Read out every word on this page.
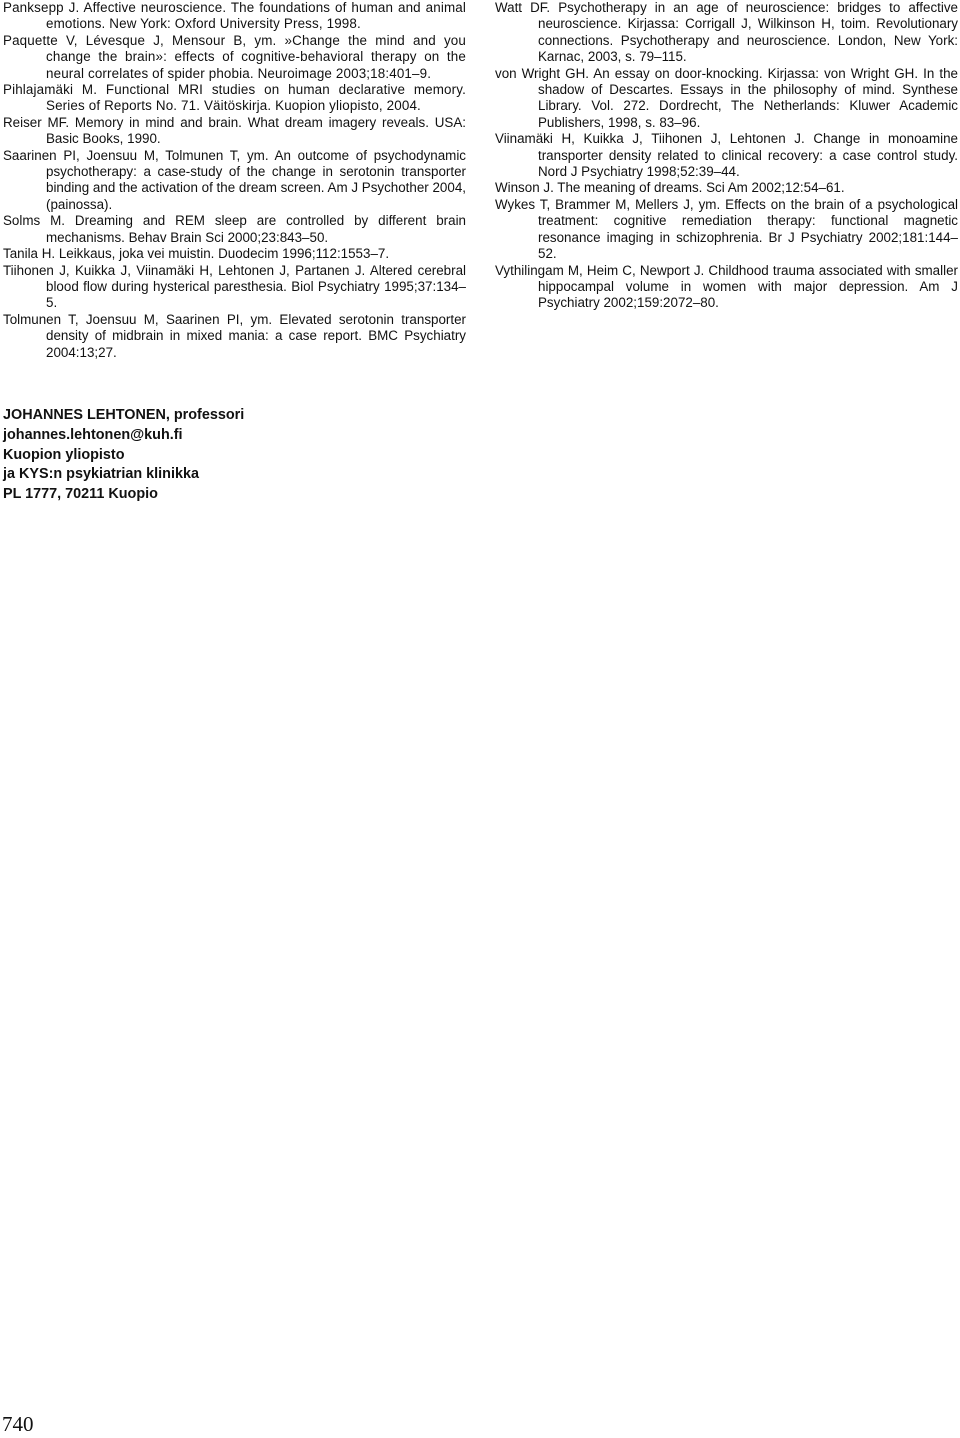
Panksepp J. Affective neuroscience. The foundations of human and animal emotions. New York: Oxford University Press, 1998.

Paquette V, Lévesque J, Mensour B, ym. »Change the mind and you change the brain»: effects of cognitive-behavioral therapy on the neural correlates of spider phobia. Neuroimage 2003;18:401–9.

Pihlajamäki M. Functional MRI studies on human declarative memory. Series of Reports No. 71. Väitöskirja. Kuopion yliopisto, 2004.

Reiser MF. Memory in mind and brain. What dream imagery reveals. USA: Basic Books, 1990.

Saarinen PI, Joensuu M, Tolmunen T, ym. An outcome of psychodynamic psychotherapy: a case-study of the change in serotonin transporter binding and the activation of the dream screen. Am J Psychother 2004, (painossa).

Solms M. Dreaming and REM sleep are controlled by different brain mechanisms. Behav Brain Sci 2000;23:843–50.

Tanila H. Leikkaus, joka vei muistin. Duodecim 1996;112:1553–7.

Tiihonen J, Kuikka J, Viinamäki H, Lehtonen J, Partanen J. Altered cerebral blood flow during hysterical paresthesia. Biol Psychiatry 1995;37:134–5.

Tolmunen T, Joensuu M, Saarinen PI, ym. Elevated serotonin transporter density of midbrain in mixed mania: a case report. BMC Psychiatry 2004:13;27.

Watt DF. Psychotherapy in an age of neuroscience: bridges to affective neuroscience. Kirjassa: Corrigall J, Wilkinson H, toim. Revolutionary connections. Psychotherapy and neuroscience. London, New York: Karnac, 2003, s. 79–115.

von Wright GH. An essay on door-knocking. Kirjassa: von Wright GH. In the shadow of Descartes. Essays in the philosophy of mind. Synthese Library. Vol. 272. Dordrecht, The Netherlands: Kluwer Academic Publishers, 1998, s. 83–96.

Viinamäki H, Kuikka J, Tiihonen J, Lehtonen J. Change in monoamine transporter density related to clinical recovery: a case control study. Nord J Psychiatry 1998;52:39–44.

Winson J. The meaning of dreams. Sci Am 2002;12:54–61.

Wykes T, Brammer M, Mellers J, ym. Effects on the brain of a psychological treatment: cognitive remediation therapy: functional magnetic resonance imaging in schizophrenia. Br J Psychiatry 2002;181:144–52.

Vythilingam M, Heim C, Newport J. Childhood trauma associated with smaller hippocampal volume in women with major depression. Am J Psychiatry 2002;159:2072–80.

JOHANNES LEHTONEN, professori
johannes.lehtonen@kuh.fi
Kuopion yliopisto
ja KYS:n psykiatrian klinikka
PL 1777, 70211 Kuopio
740
